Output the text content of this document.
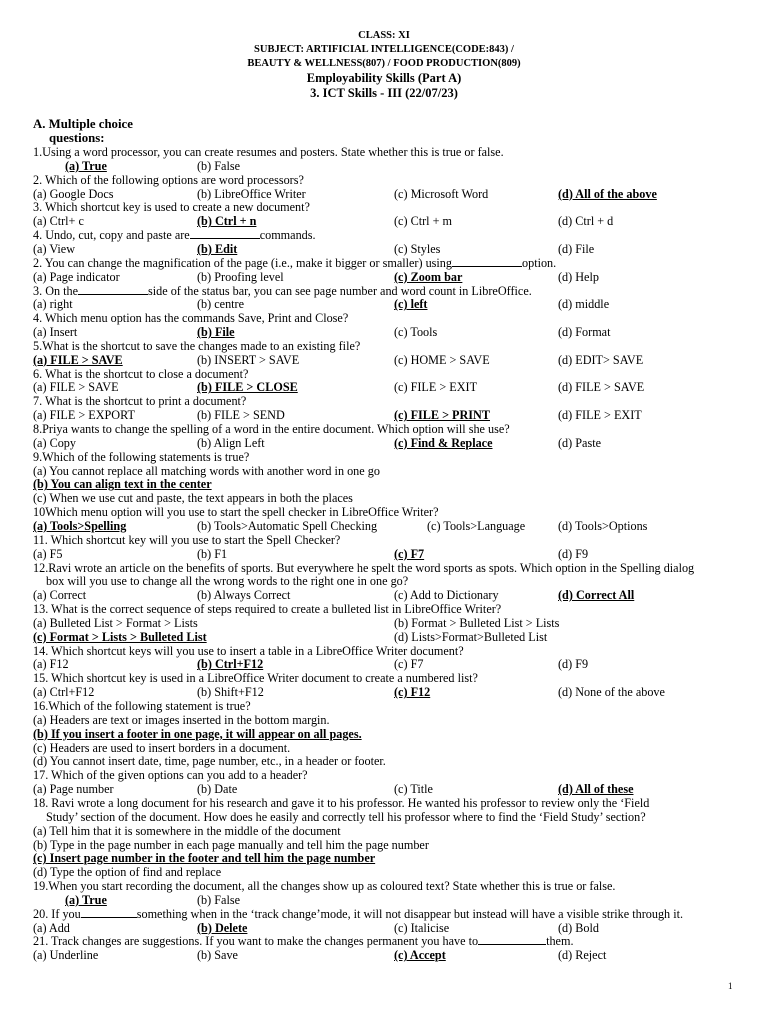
CLASS: XI
SUBJECT: ARTIFICIAL INTELLIGENCE(CODE:843) /
BEAUTY & WELLNESS(807) / FOOD PRODUCTION(809)
Employability Skills (Part A)
3. ICT Skills - III (22/07/23)
A. Multiple choice
questions:
1.Using a word processor, you can create resumes and posters. State whether this is true or false.
(a) True	(b) False
2. Which of the following options are word processors?
(a) Google Docs	(b) LibreOffice Writer	(c) Microsoft Word	(d) All of the above
3. Which shortcut key is used to create a new document?
(a) Ctrl+ c	(b) Ctrl + n	(c) Ctrl + m	(d) Ctrl + d
4. Undo, cut, copy and paste are	commands.
(a) View	(b) Edit	(c) Styles	(d) File
2. You can change the magnification of the page (i.e., make it bigger or smaller) using	option.
(a) Page indicator	(b) Proofing level	(c) Zoom bar	(d) Help
3. On the	side of the status bar, you can see page number and word count in LibreOffice.
(a) right	(b) centre	(c) left	(d) middle
4. Which menu option has the commands Save, Print and Close?
(a) Insert	(b) File	(c) Tools	(d) Format
5.What is the shortcut to save the changes made to an existing file?
(a) FILE > SAVE	(b) INSERT > SAVE	(c) HOME > SAVE	(d) EDIT> SAVE
6. What is the shortcut to close a document?
(a) FILE > SAVE	(b) FILE > CLOSE	(c) FILE > EXIT	(d) FILE > SAVE
7. What is the shortcut to print a document?
(a) FILE > EXPORT	(b) FILE > SEND	(c) FILE > PRINT	(d) FILE > EXIT
8.Priya wants to change the spelling of a word in the entire document. Which option will she use?
(a) Copy	(b) Align Left	(c) Find & Replace	(d) Paste
9.Which of the following statements is true?
(a) You cannot replace all matching words with another word in one go
(b) You can align text in the center
(c) When we use cut and paste, the text appears in both the places
10Which menu option will you use to start the spell checker in LibreOffice Writer?
(a) Tools>Spelling	(b) Tools>Automatic Spell Checking	(c) Tools>Language	(d) Tools>Options
11. Which shortcut key will you use to start the Spell Checker?
(a) F5	(b) F1	(c) F7	(d) F9
12.Ravi wrote an article on the benefits of sports. But everywhere he spelt the word sports as spots. Which option in the Spelling dialog
box will you use to change all the wrong words to the right one in one go?
(a) Correct	(b) Always Correct	(c) Add to Dictionary	(d) Correct All
13. What is the correct sequence of steps required to create a bulleted list in LibreOffice Writer?
(a) Bulleted List > Format > Lists	(b) Format > Bulleted List > Lists
(c) Format > Lists > Bulleted List	(d) Lists>Format>Bulleted List
14. Which shortcut keys will you use to insert a table in a LibreOffice Writer document?
(a) F12	(b) Ctrl+F12	(c) F7	(d) F9
15. Which shortcut key is used in a LibreOffice Writer document to create a numbered list?
(a) Ctrl+F12	(b) Shift+F12	(c) F12	(d) None of the above
16.Which of the following statement is true?
(a) Headers are text or images inserted in the bottom margin.
(b) If you insert a footer in one page, it will appear on all pages.
(c) Headers are used to insert borders in a document.
(d) You cannot insert date, time, page number, etc., in a header or footer.
17. Which of the given options can you add to a header?
(a) Page number	(b) Date	(c) Title	(d) All of these
18. Ravi wrote a long document for his research and gave it to his professor. He wanted his professor to review only the ‘Field
Study’ section of the document. How does he easily and correctly tell his professor where to find the ‘Field Study’ section?
(a) Tell him that it is somewhere in the middle of the document
(b) Type in the page number in each page manually and tell him the page number
(c) Insert page number in the footer and tell him the page number
(d) Type the option of find and replace
19.When you start recording the document, all the changes show up as coloured text? State whether this is true or false.
(a) True	(b) False
20. If you	something when in the ‘track change’mode, it will not disappear but instead will have a visible strike through it.
(a) Add	(b) Delete	(c) Italicise	(d) Bold
21. Track changes are suggestions. If you want to make the changes permanent you have to	them.
(a) Underline	(b) Save	(c) Accept	(d) Reject
1
